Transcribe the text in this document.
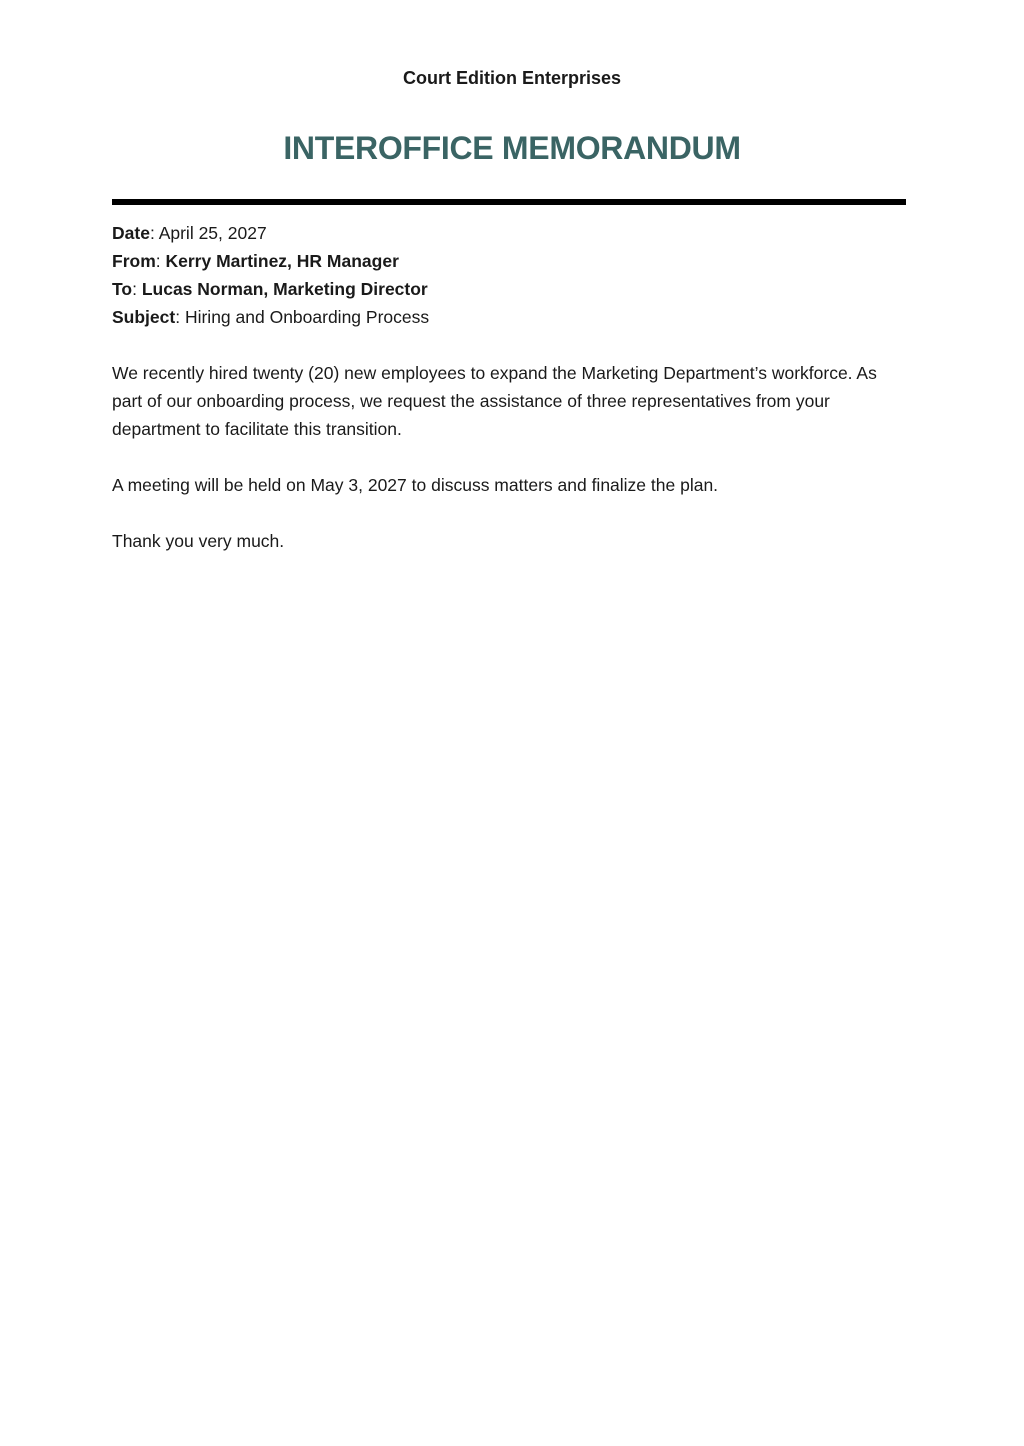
Court Edition Enterprises
INTEROFFICE MEMORANDUM
Date: April 25, 2027
From: Kerry Martinez, HR Manager
To: Lucas Norman, Marketing Director
Subject: Hiring and Onboarding Process

We recently hired twenty (20) new employees to expand the Marketing Department’s workforce. As part of our onboarding process, we request the assistance of three representatives from your department to facilitate this transition.

A meeting will be held on May 3, 2027 to discuss matters and finalize the plan.

Thank you very much.
